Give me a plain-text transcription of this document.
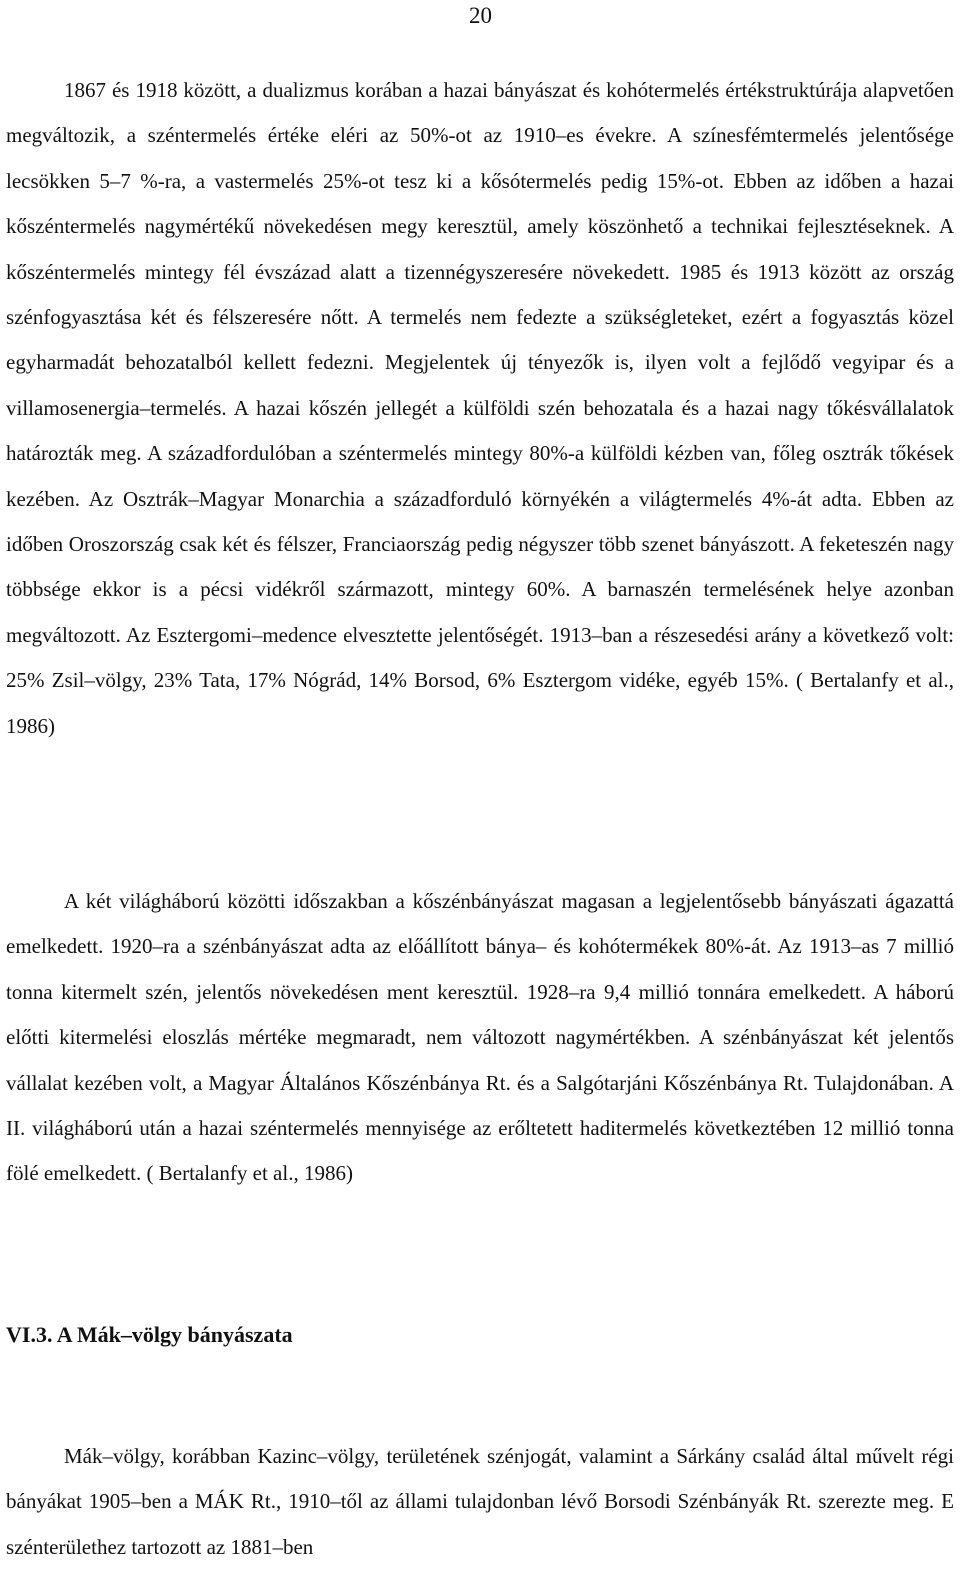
20

1867 és 1918 között, a dualizmus korában a hazai bányászat és kohótermelés értékstruktúrája alapvetően megváltozik, a széntermelés értéke eléri az 50%-ot az 1910–es évekre. A színesfémtermelés jelentősége lecsökken 5–7 %-ra, a vastermelés 25%-ot tesz ki a kősótermelés pedig 15%-ot. Ebben az időben a hazai kőszéntermelés nagymértékű növekedésen megy keresztül, amely köszönhető a technikai fejlesztéseknek. A kőszéntermelés mintegy fél évszázad alatt a tizennégyszeresére növekedett. 1985 és 1913 között az ország szénfogyasztása két és félszeresére nőtt. A termelés nem fedezte a szükségleteket, ezért a fogyasztás közel egyharmadát behozatalból kellett fedezni. Megjelentek új tényezők is, ilyen volt a fejlődő vegyipar és a villamosenergia–termelés. A hazai kőszén jellegét a külföldi szén behozatala és a hazai nagy tőkésvállalatok határozták meg. A századfordulóban a széntermelés mintegy 80%-a külföldi kézben van, főleg osztrák tőkések kezében. Az Osztrák–Magyar Monarchia a századforduló környékén a világtermelés 4%-át adta. Ebben az időben Oroszország csak két és félszer, Franciaország pedig négyszer több szenet bányászott. A feketeszén nagy többsége ekkor is a pécsi vidékről származott, mintegy 60%. A barnaszén termelésének helye azonban megváltozott. Az Esztergomi–medence elvesztette jelentőségét. 1913–ban a részesedési arány a következő volt: 25% Zsil–völgy, 23% Tata, 17% Nógrád, 14% Borsod, 6% Esztergom vidéke, egyéb 15%. ( Bertalanfy et al., 1986)

A két világháború közötti időszakban a kőszénbányászat magasan a legjelentősebb bányászati ágazattá emelkedett. 1920–ra a szénbányászat adta az előállított bánya– és kohótermékek 80%-át. Az 1913–as 7 millió tonna kitermelt szén, jelentős növekedésen ment keresztül. 1928–ra 9,4 millió tonnára emelkedett. A háború előtti kitermelési eloszlás mértéke megmaradt, nem változott nagymértékben. A szénbányászat két jelentős vállalat kezében volt, a Magyar Általános Kőszénbánya Rt. és a Salgótarjáni Kőszénbánya Rt. Tulajdonában. A II. világháború után a hazai széntermelés mennyisége az erőltetett haditermelés következtében 12 millió tonna fölé emelkedett. ( Bertalanfy et al., 1986)

VI.3. A Mák–völgy bányászata

Mák–völgy, korábban Kazinc–völgy, területének szénjogát, valamint a Sárkány család által művelt régi bányákat 1905–ben a MÁK Rt., 1910–től az állami tulajdonban lévő Borsodi Szénbányák Rt. szerezte meg. E szénterülethez tartozott az 1881–ben
